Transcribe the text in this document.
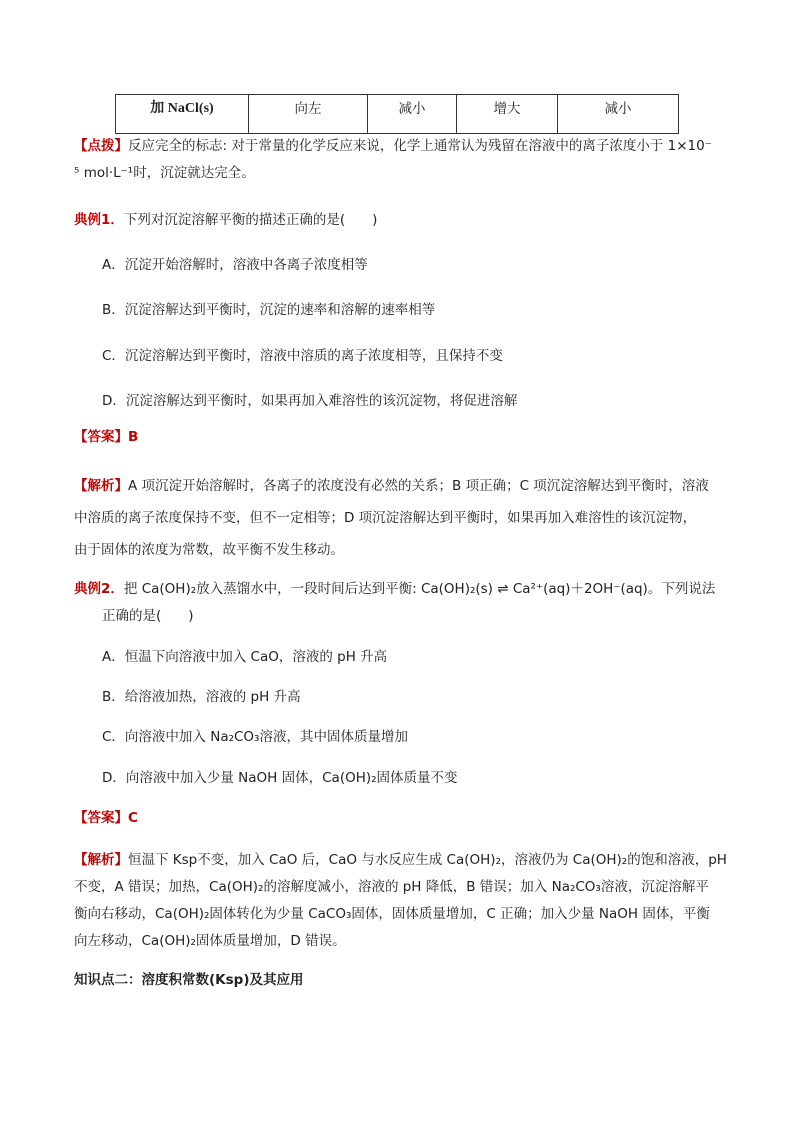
加 NaCl(s)	向左	减小	增大	减小
【点拨】反应完全的标志: 对于常量的化学反应来说，化学上通常认为残留在溶液中的离子浓度小于 1×10⁻
⁵ mol·L⁻¹时，沉淀就达完全。
典例1．下列对沉淀溶解平衡的描述正确的是(　　)
A．沉淀开始溶解时，溶液中各离子浓度相等
B．沉淀溶解达到平衡时，沉淀的速率和溶解的速率相等
C．沉淀溶解达到平衡时，溶液中溶质的离子浓度相等，且保持不变
D．沉淀溶解达到平衡时，如果再加入难溶性的该沉淀物，将促进溶解
【答案】B
【解析】A 项沉淀开始溶解时，各离子的浓度没有必然的关系；B 项正确；C 项沉淀溶解达到平衡时，溶液
中溶质的离子浓度保持不变，但不一定相等；D 项沉淀溶解达到平衡时，如果再加入难溶性的该沉淀物，
由于固体的浓度为常数，故平衡不发生移动。
典例2．把 Ca(OH)₂放入蒸馏水中，一段时间后达到平衡: Ca(OH)₂(s) ⇌ Ca²⁺(aq)＋2OH⁻(aq)。下列说法
正确的是(　　)
A．恒温下向溶液中加入 CaO，溶液的 pH 升高
B．给溶液加热，溶液的 pH 升高
C．向溶液中加入 Na₂CO₃溶液，其中固体质量增加
D．向溶液中加入少量 NaOH 固体，Ca(OH)₂固体质量不变
【答案】C
【解析】恒温下 Ksp不变，加入 CaO 后，CaO 与水反应生成 Ca(OH)₂，溶液仍为 Ca(OH)₂的饱和溶液，pH
不变，A 错误；加热，Ca(OH)₂的溶解度减小，溶液的 pH 降低，B 错误；加入 Na₂CO₃溶液，沉淀溶解平
衡向右移动，Ca(OH)₂固体转化为少量 CaCO₃固体，固体质量增加，C 正确；加入少量 NaOH 固体，平衡
向左移动，Ca(OH)₂固体质量增加，D 错误。
知识点二：溶度积常数(Ksp)及其应用
